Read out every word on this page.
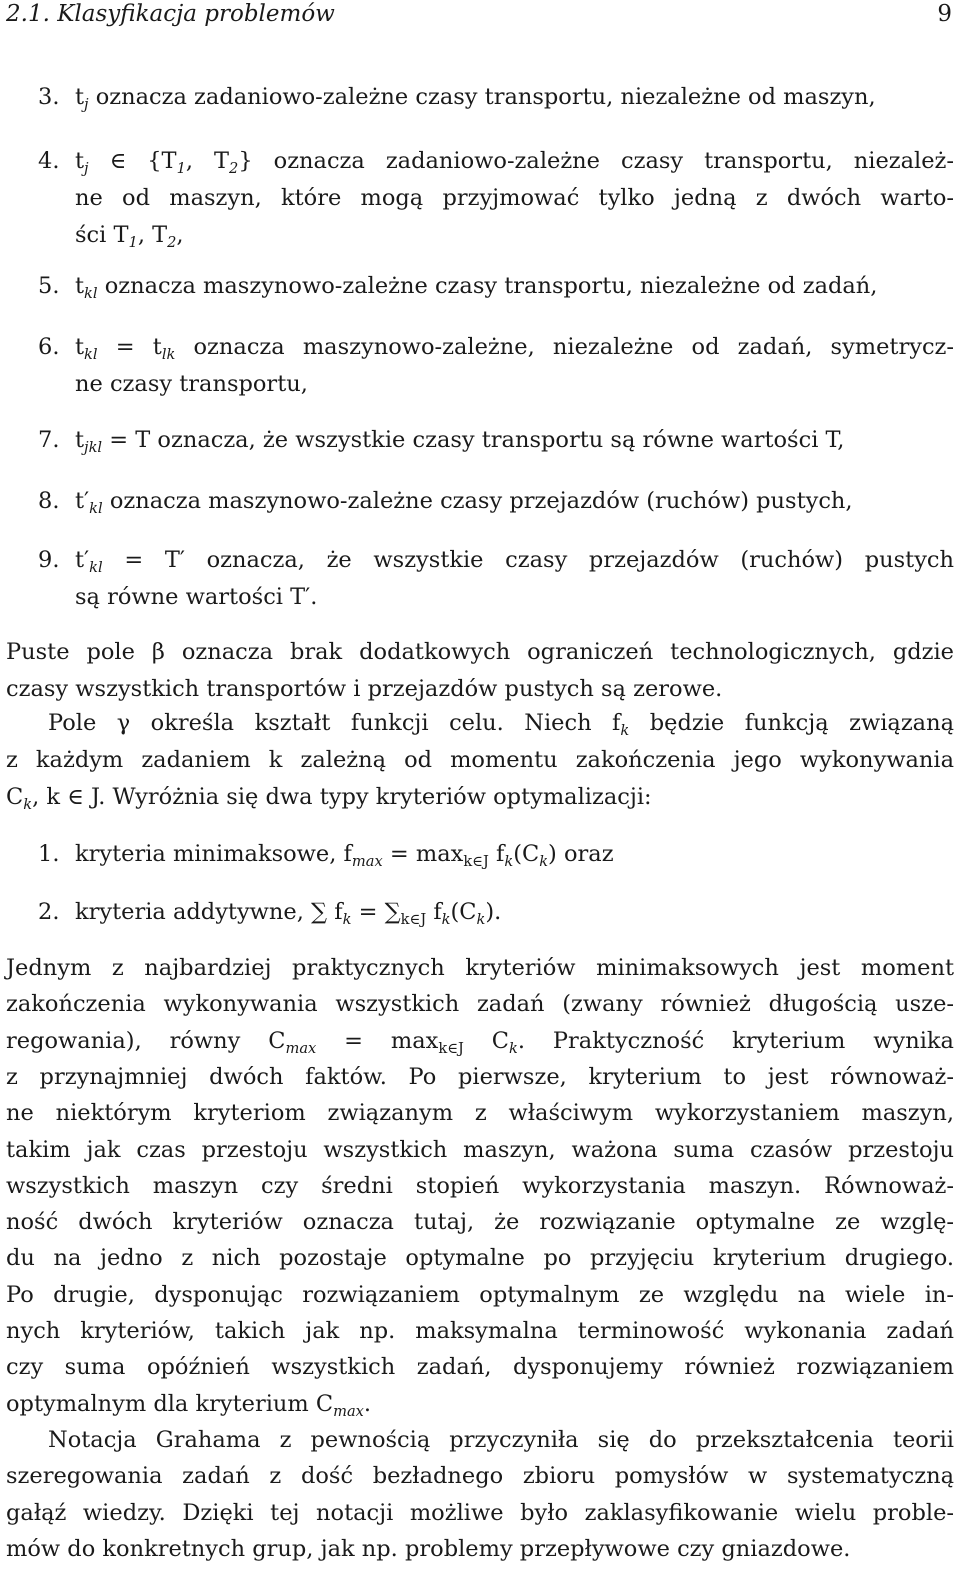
2.1. Klasyfikacja problemów	9
3. $t_j$ oznacza zadaniowo-zależne czasy transportu, niezależne od maszyn,
4. $t_j$ ∈ {$T_1$, $T_2$} oznacza zadaniowo-zależne czasy transportu, niezależ-
ne od maszyn, które mogą przyjmować tylko jedną z dwóch warto-
ści $T_1$, $T_2$,
5. $t_{kl}$ oznacza maszynowo-zależne czasy transportu, niezależne od zadań,
6. $t_{kl} = t_{lk}$ oznacza maszynowo-zależne, niezależne od zadań, symetrycz-
ne czasy transportu,
7. $t_{jkl} = T$ oznacza, że wszystkie czasy transportu są równe wartości T,
8. $t'_{kl}$ oznacza maszynowo-zależne czasy przejazdów (ruchów) pustych,
9. $t'_{kl} = T'$ oznacza, że wszystkie czasy przejazdów (ruchów) pustych
są równe wartości T′.
Puste pole β oznacza brak dodatkowych ograniczeń technologicznych, gdzie
czasy wszystkich transportów i przejazdów pustych są zerowe.
Pole γ określa kształt funkcji celu. Niech $f_k$ będzie funkcją związaną
z każdym zadaniem k zależną od momentu zakończenia jego wykonywania
$C_k$, k ∈ J. Wyróżnia się dwa typy kryteriów optymalizacji:
1. kryteria minimaksowe, $f_{max} = \max_{k\in J} f_k(C_k)$ oraz
2. kryteria addytywne, ∑ $f_k = \sum_{k\in J}$ $f_k(C_k)$.
Jednym z najbardziej praktycznych kryteriów minimaksowych jest moment
zakończenia wykonywania wszystkich zadań (zwany również długością usze-
regowania), równy $C_{max} = \max_{k\in J} C_k$. Praktyczność kryterium wynika
z przynajmniej dwóch faktów. Po pierwsze, kryterium to jest równoważ-
ne niektórym kryteriom związanym z właściwym wykorzystaniem maszyn,
takim jak czas przestoju wszystkich maszyn, ważona suma czasów przestoju
wszystkich maszyn czy średni stopień wykorzystania maszyn. Równoważ-
ność dwóch kryteriów oznacza tutaj, że rozwiązanie optymalne ze wzglę-
du na jedno z nich pozostaje optymalne po przyjęciu kryterium drugiego.
Po drugie, dysponując rozwiązaniem optymalnym ze względu na wiele in-
nych kryteriów, takich jak np. maksymalna terminowość wykonania zadań
czy suma opóźnień wszystkich zadań, dysponujemy również rozwiązaniem
optymalnym dla kryterium $C_{max}$.
Notacja Grahama z pewnością przyczyniła się do przekształcenia teorii
szeregowania zadań z dość bezładnego zbioru pomysłów w systematyczną
gałąź wiedzy. Dzięki tej notacji możliwe było zaklasyfikowanie wielu proble-
mów do konkretnych grup, jak np. problemy przepływowe czy gniazdowe.
